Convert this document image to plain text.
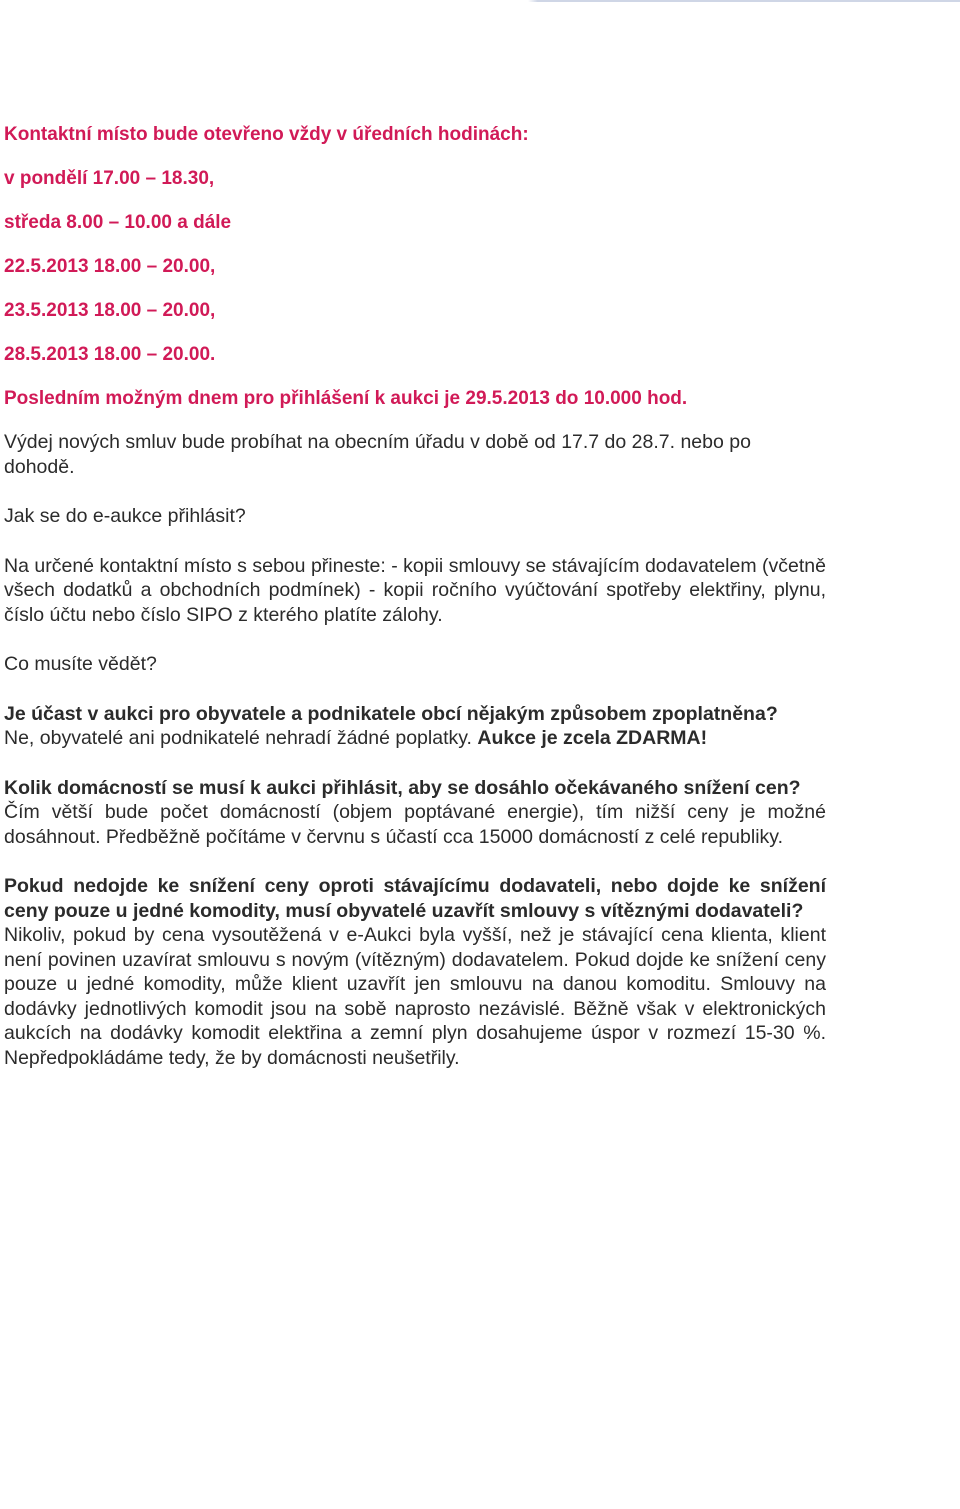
Kontaktní místo bude otevřeno vždy v úředních hodinách:

v pondělí 17.00 – 18.30,

středa 8.00 – 10.00 a dále

22.5.2013 18.00 – 20.00,

23.5.2013 18.00 – 20.00,

28.5.2013 18.00 – 20.00.

Posledním možným dnem pro přihlášení k aukci je 29.5.2013 do 10.000 hod.

Výdej nových smluv bude probíhat na obecním úřadu v době od 17.7 do 28.7. nebo po dohodě.

Jak se do e-aukce přihlásit?

Na určené kontaktní místo s sebou přineste: - kopii smlouvy se stávajícím dodavatelem (včetně všech dodatků a obchodních podmínek) - kopii ročního vyúčtování spotřeby elektřiny, plynu, číslo účtu nebo číslo SIPO z kterého platíte zálohy.

Co musíte vědět?

Je účast v aukci pro obyvatele a podnikatele obcí nějakým způsobem zpoplatněna?

Ne, obyvatelé ani podnikatelé nehradí žádné poplatky. Aukce je zcela ZDARMA!

Kolik domácností se musí k aukci přihlásit, aby se dosáhlo očekávaného snížení cen?

Čím větší bude počet domácností (objem poptávané energie), tím nižší ceny je možné dosáhnout. Předběžně počítáme v červnu s účastí cca 15000 domácností z celé republiky.

Pokud nedojde ke snížení ceny oproti stávajícímu dodavateli, nebo dojde ke snížení ceny pouze u jedné komodity, musí obyvatelé uzavřít smlouvy s vítěznými dodavateli?

Nikoliv, pokud by cena vysoutěžená v e-Aukci byla vyšší, než je stávající cena klienta, klient není povinen uzavírat smlouvu s novým (vítězným) dodavatelem. Pokud dojde ke snížení ceny pouze u jedné komodity, může klient uzavřít jen smlouvu na danou komoditu. Smlouvy na dodávky jednotlivých komodit jsou na sobě naprosto nezávislé. Běžně však v elektronických aukcích na dodávky komodit elektřina a zemní plyn dosahujeme úspor v rozmezí 15-30 %. Nepředpokládáme tedy, že by domácnosti neušetřily.
